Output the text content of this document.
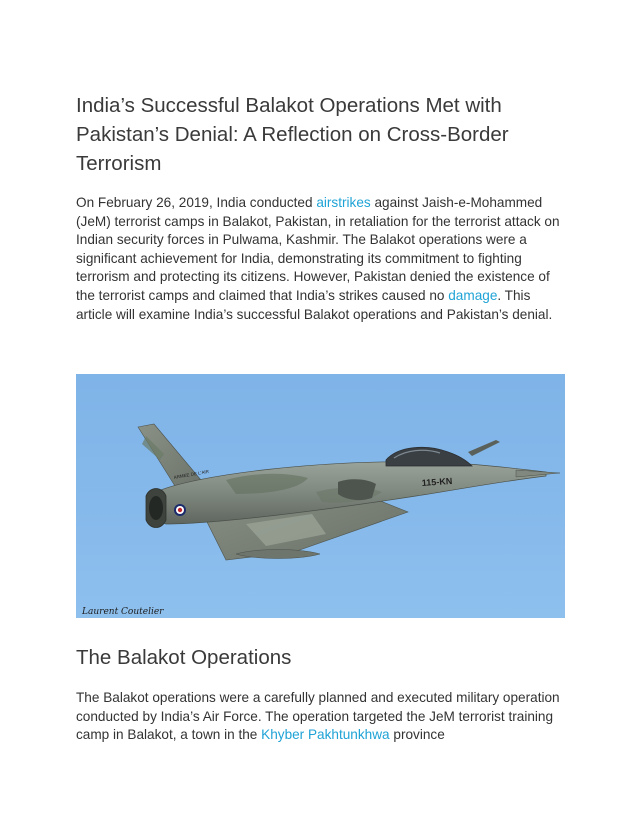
India’s Successful Balakot Operations Met with Pakistan’s Denial: A Reflection on Cross-Border Terrorism

On February 26, 2019, India conducted airstrikes against Jaish-e-Mohammed (JeM) terrorist camps in Balakot, Pakistan, in retaliation for the terrorist attack on Indian security forces in Pulwama, Kashmir. The Balakot operations were a significant achievement for India, demonstrating its commitment to fighting terrorism and protecting its citizens. However, Pakistan denied the existence of the terrorist camps and claimed that India’s strikes caused no damage. This article will examine India’s successful Balakot operations and Pakistan’s denial.

115-KN
ARMEE DE L'AIR
Laurent Coutelier
The Balakot Operations

The Balakot operations were a carefully planned and executed military operation conducted by India’s Air Force. The operation targeted the JeM terrorist training camp in Balakot, a town in the Khyber Pakhtunkhwa province
